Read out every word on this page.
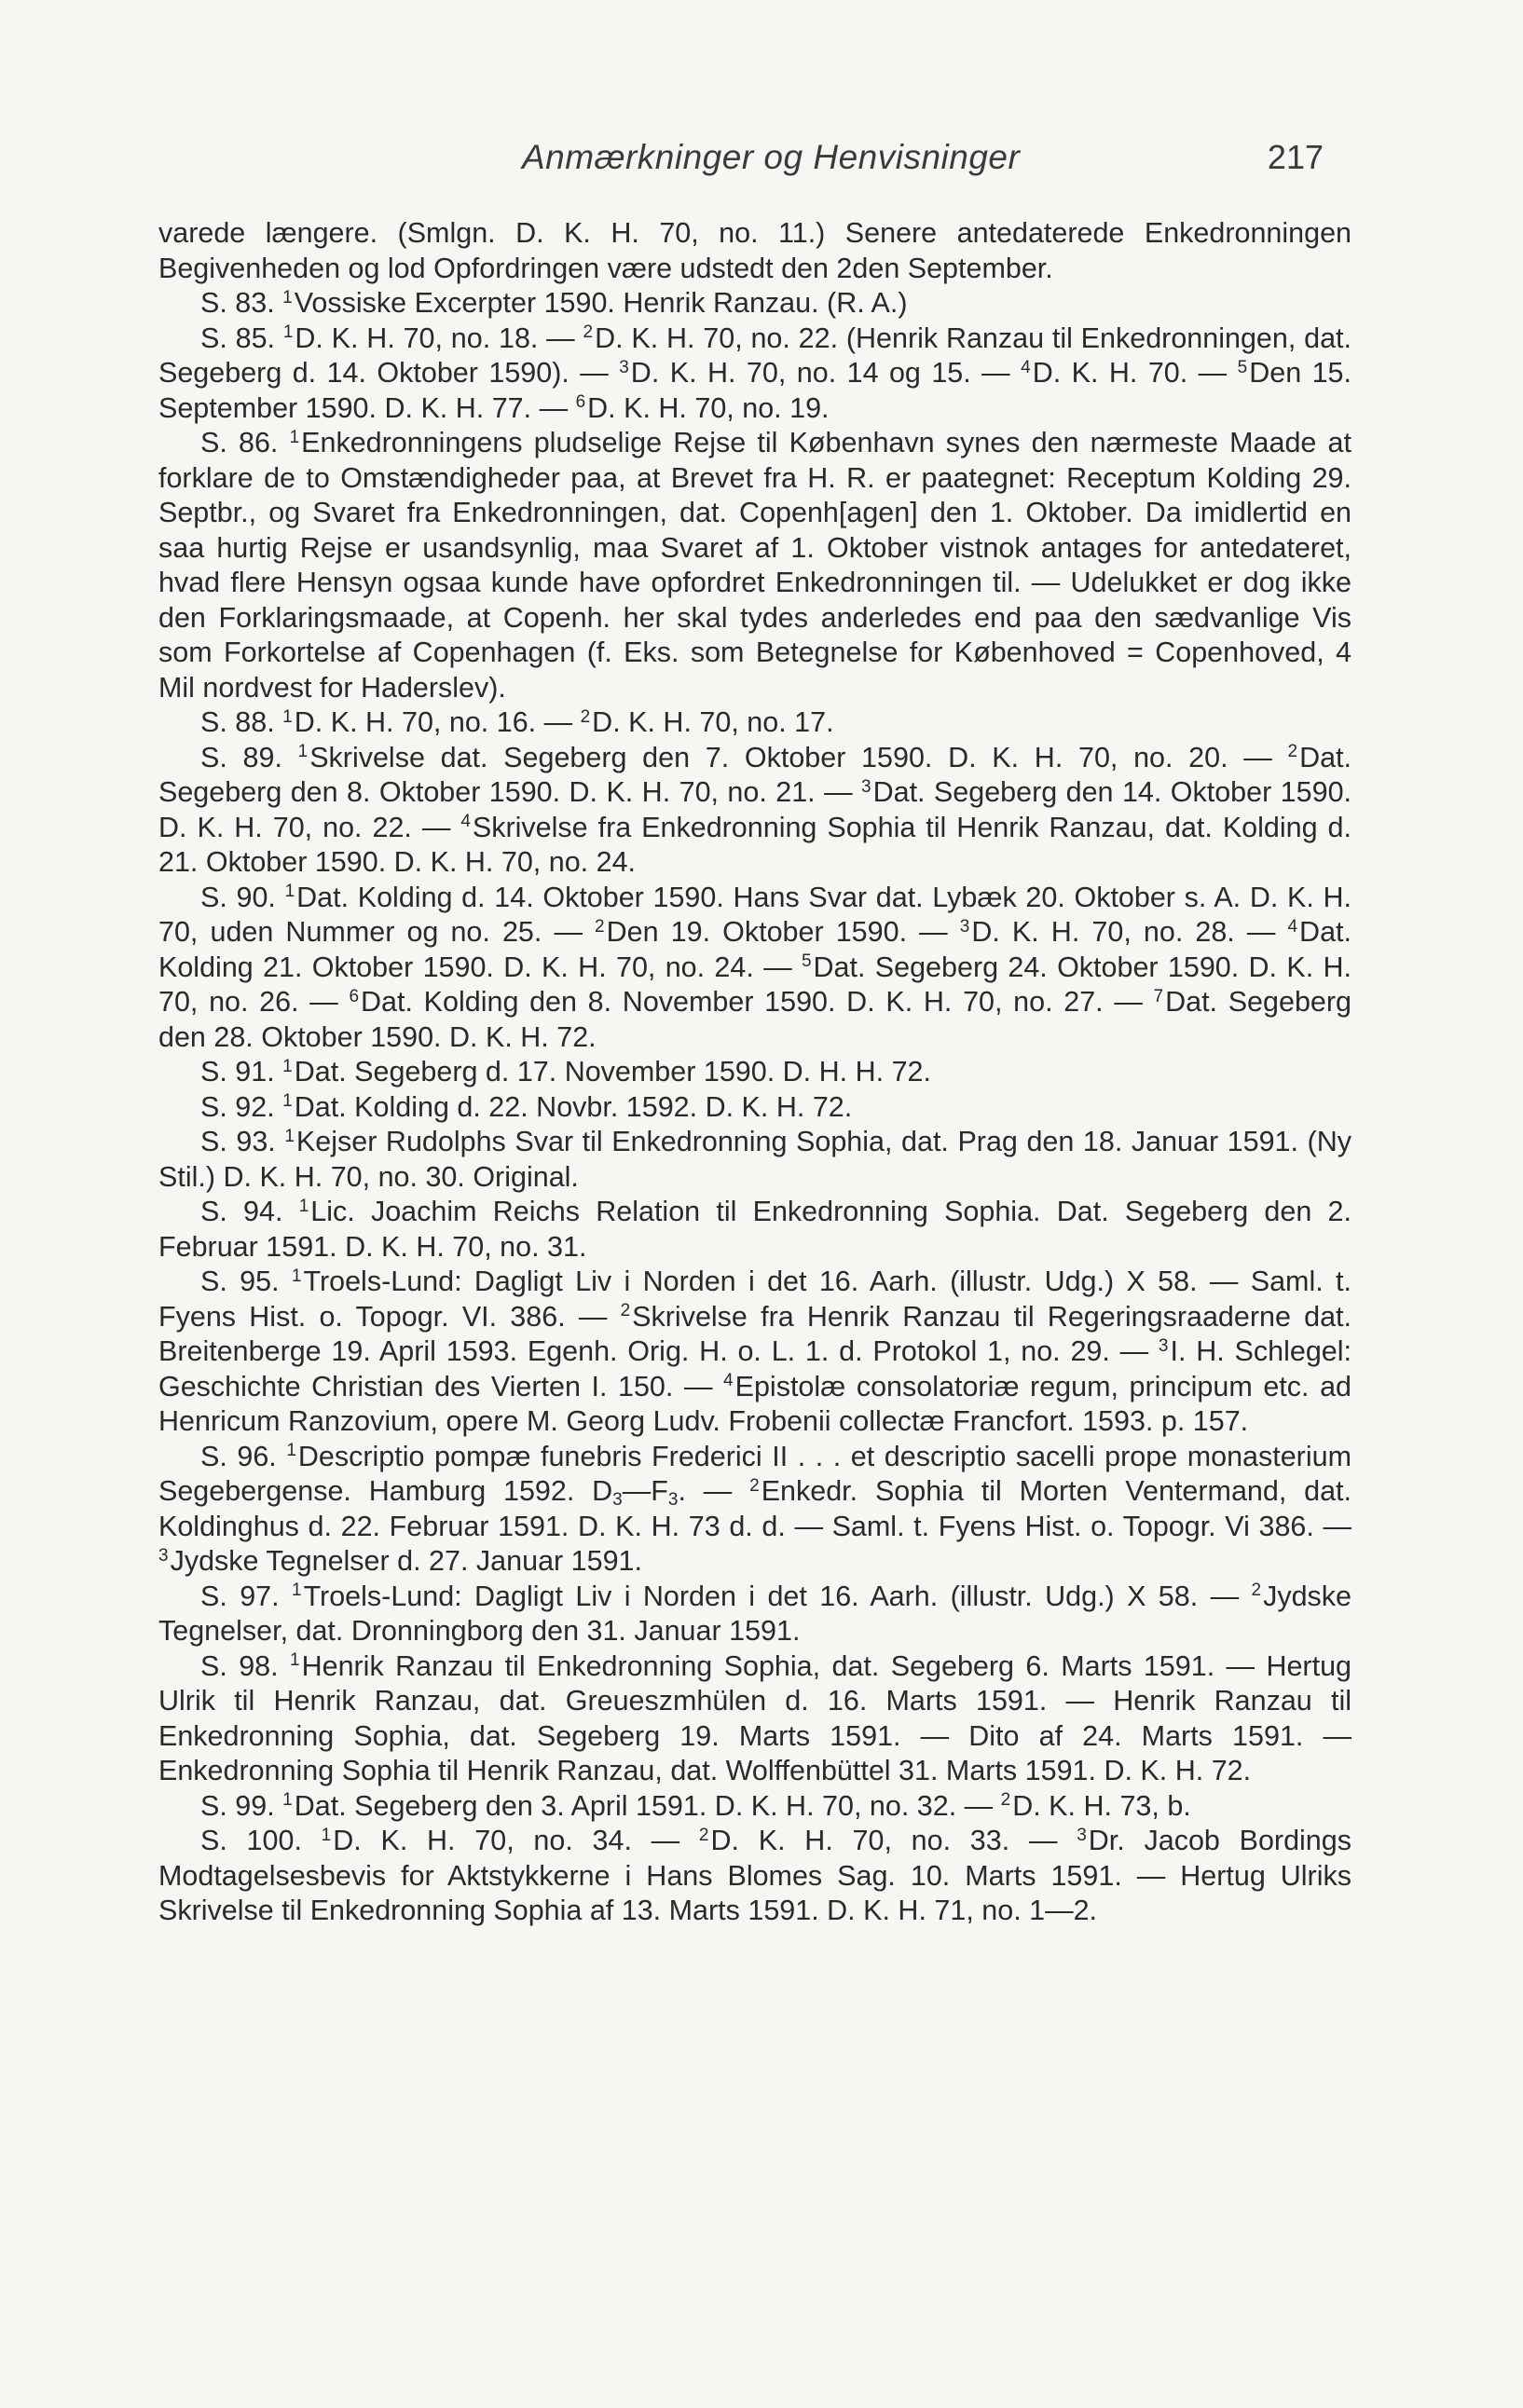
Anmærkninger og Henvisninger	217

varede længere. (Smlgn. D. K. H. 70, no. 11.) Senere antedaterede Enkedronningen Begivenheden og lod Opfordringen være udstedt den 2den September.

S. 83. $^1$Vossiske Excerpter 1590. Henrik Ranzau. (R. A.)

S. 85. $^1$D. K. H. 70, no. 18. — $^2$D. K. H. 70, no. 22. (Henrik Ranzau til Enkedronningen, dat. Segeberg d. 14. Oktober 1590). — $^3$D. K. H. 70, no. 14 og 15. — $^4$D. K. H. 70. — $^5$Den 15. September 1590. D. K. H. 77. — $^6$D. K. H. 70, no. 19.

S. 86. $^1$Enkedronningens pludselige Rejse til København synes den nærmeste Maade at forklare de to Omstændigheder paa, at Brevet fra H. R. er paategnet: Receptum Kolding 29. Septbr., og Svaret fra Enkedronningen, dat. Copenh[agen] den 1. Oktober. Da imidlertid en saa hurtig Rejse er usandsynlig, maa Svaret af 1. Oktober vistnok antages for antedateret, hvad flere Hensyn ogsaa kunde have opfordret Enkedronningen til. — Udelukket er dog ikke den Forklaringsmaade, at Copenh. her skal tydes anderledes end paa den sædvanlige Vis som Forkortelse af Copenhagen (f. Eks. som Betegnelse for Københoved = Copenhoved, 4 Mil nordvest for Haderslev).

S. 88. $^1$D. K. H. 70, no. 16. — $^2$D. K. H. 70, no. 17.

S. 89. $^1$Skrivelse dat. Segeberg den 7. Oktober 1590. D. K. H. 70, no. 20. — $^2$Dat. Segeberg den 8. Oktober 1590. D. K. H. 70, no. 21. — $^3$Dat. Segeberg den 14. Oktober 1590. D. K. H. 70, no. 22. — $^4$Skrivelse fra Enkedronning Sophia til Henrik Ranzau, dat. Kolding d. 21. Oktober 1590. D. K. H. 70, no. 24.

S. 90. $^1$Dat. Kolding d. 14. Oktober 1590. Hans Svar dat. Lybæk 20. Oktober s. A. D. K. H. 70, uden Nummer og no. 25. — $^2$Den 19. Oktober 1590. — $^3$D. K. H. 70, no. 28. — $^4$Dat. Kolding 21. Oktober 1590. D. K. H. 70, no. 24. — $^5$Dat. Segeberg 24. Oktober 1590. D. K. H. 70, no. 26. — $^6$Dat. Kolding den 8. November 1590. D. K. H. 70, no. 27. — $^7$Dat. Segeberg den 28. Oktober 1590. D. K. H. 72.

S. 91. $^1$Dat. Segeberg d. 17. November 1590. D. H. H. 72.

S. 92. $^1$Dat. Kolding d. 22. Novbr. 1592. D. K. H. 72.

S. 93. $^1$Kejser Rudolphs Svar til Enkedronning Sophia, dat. Prag den 18. Januar 1591. (Ny Stil.) D. K. H. 70, no. 30. Original.

S. 94. $^1$Lic. Joachim Reichs Relation til Enkedronning Sophia. Dat. Segeberg den 2. Februar 1591. D. K. H. 70, no. 31.

S. 95. $^1$Troels-Lund: Dagligt Liv i Norden i det 16. Aarh. (illustr. Udg.) X 58. — Saml. t. Fyens Hist. o. Topogr. VI. 386. — $^2$Skrivelse fra Henrik Ranzau til Regeringsraaderne dat. Breitenberge 19. April 1593. Egenh. Orig. H. o. L. 1. d. Protokol 1, no. 29. — $^3$I. H. Schlegel: Geschichte Christian des Vierten I. 150. — $^4$Epistolæ consolatoriæ regum, principum etc. ad Henricum Ranzovium, opere M. Georg Ludv. Frobenii collectæ Francfort. 1593. p. 157.

S. 96. $^1$Descriptio pompæ funebris Frederici II . . . et descriptio sacelli prope monasterium Segebergense. Hamburg 1592. $D_3—F_3$. — $^2$Enkedr. Sophia til Morten Ventermand, dat. Koldinghus d. 22. Februar 1591. D. K. H. 73 d. d. — Saml. t. Fyens Hist. o. Topogr. Vi 386. — $^3$Jydske Tegnelser d. 27. Januar 1591.

S. 97. $^1$Troels-Lund: Dagligt Liv i Norden i det 16. Aarh. (illustr. Udg.) X 58. — $^2$Jydske Tegnelser, dat. Dronningborg den 31. Januar 1591.

S. 98. $^1$Henrik Ranzau til Enkedronning Sophia, dat. Segeberg 6. Marts 1591. — Hertug Ulrik til Henrik Ranzau, dat. Greueszmhülen d. 16. Marts 1591. — Henrik Ranzau til Enkedronning Sophia, dat. Segeberg 19. Marts 1591. — Dito af 24. Marts 1591. — Enkedronning Sophia til Henrik Ranzau, dat. Wolffenbüttel 31. Marts 1591. D. K. H. 72.

S. 99. $^1$Dat. Segeberg den 3. April 1591. D. K. H. 70, no. 32. — $^2$D. K. H. 73, b.

S. 100. $^1$D. K. H. 70, no. 34. — $^2$D. K. H. 70, no. 33. — $^3$Dr. Jacob Bordings Modtagelsesbevis for Aktstykkerne i Hans Blomes Sag. 10. Marts 1591. — Hertug Ulriks Skrivelse til Enkedronning Sophia af 13. Marts 1591. D. K. H. 71, no. 1—2.
